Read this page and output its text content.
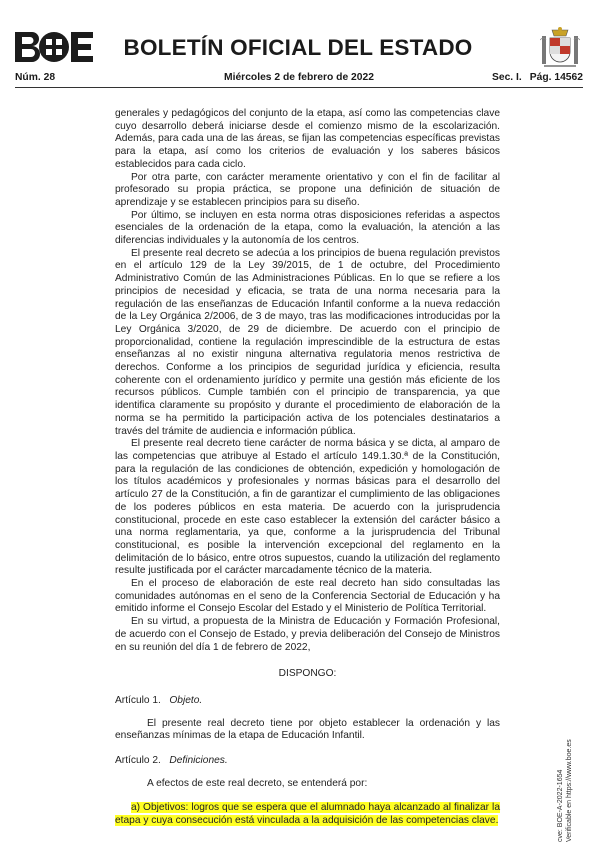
BOLETÍN OFICIAL DEL ESTADO
Miércoles 2 de febrero de 2022
Núm. 28	Sec. I. Pág. 14562

generales y pedagógicos del conjunto de la etapa, así como las competencias clave cuyo desarrollo deberá iniciarse desde el comienzo mismo de la escolarización. Además, para cada una de las áreas, se fijan las competencias específicas previstas para la etapa, así como los criterios de evaluación y los saberes básicos establecidos para cada ciclo.

Por otra parte, con carácter meramente orientativo y con el fin de facilitar al profesorado su propia práctica, se propone una definición de situación de aprendizaje y se establecen principios para su diseño.

Por último, se incluyen en esta norma otras disposiciones referidas a aspectos esenciales de la ordenación de la etapa, como la evaluación, la atención a las diferencias individuales y la autonomía de los centros.

El presente real decreto se adecúa a los principios de buena regulación previstos en el artículo 129 de la Ley 39/2015, de 1 de octubre, del Procedimiento Administrativo Común de las Administraciones Públicas. En lo que se refiere a los principios de necesidad y eficacia, se trata de una norma necesaria para la regulación de las enseñanzas de Educación Infantil conforme a la nueva redacción de la Ley Orgánica 2/2006, de 3 de mayo, tras las modificaciones introducidas por la Ley Orgánica 3/2020, de 29 de diciembre. De acuerdo con el principio de proporcionalidad, contiene la regulación imprescindible de la estructura de estas enseñanzas al no existir ninguna alternativa regulatoria menos restrictiva de derechos. Conforme a los principios de seguridad jurídica y eficiencia, resulta coherente con el ordenamiento jurídico y permite una gestión más eficiente de los recursos públicos. Cumple también con el principio de transparencia, ya que identifica claramente su propósito y durante el procedimiento de elaboración de la norma se ha permitido la participación activa de los potenciales destinatarios a través del trámite de audiencia e información pública.

El presente real decreto tiene carácter de norma básica y se dicta, al amparo de las competencias que atribuye al Estado el artículo 149.1.30.ª de la Constitución, para la regulación de las condiciones de obtención, expedición y homologación de los títulos académicos y profesionales y normas básicas para el desarrollo del artículo 27 de la Constitución, a fin de garantizar el cumplimiento de las obligaciones de los poderes públicos en esta materia. De acuerdo con la jurisprudencia constitucional, procede en este caso establecer la extensión del carácter básico a una norma reglamentaria, ya que, conforme a la jurisprudencia del Tribunal constitucional, es posible la intervención excepcional del reglamento en la delimitación de lo básico, entre otros supuestos, cuando la utilización del reglamento resulte justificada por el carácter marcadamente técnico de la materia.

En el proceso de elaboración de este real decreto han sido consultadas las comunidades autónomas en el seno de la Conferencia Sectorial de Educación y ha emitido informe el Consejo Escolar del Estado y el Ministerio de Política Territorial.

En su virtud, a propuesta de la Ministra de Educación y Formación Profesional, de acuerdo con el Consejo de Estado, y previa deliberación del Consejo de Ministros en su reunión del día 1 de febrero de 2022,

DISPONGO:

Artículo 1. Objeto.

El presente real decreto tiene por objeto establecer la ordenación y las enseñanzas mínimas de la etapa de Educación Infantil.

Artículo 2. Definiciones.

A efectos de este real decreto, se entenderá por:

a) Objetivos: logros que se espera que el alumnado haya alcanzado al finalizar la etapa y cuya consecución está vinculada a la adquisición de las competencias clave.	cve: BOE-A-2022-1654 Verificable en https://www.boe.es
